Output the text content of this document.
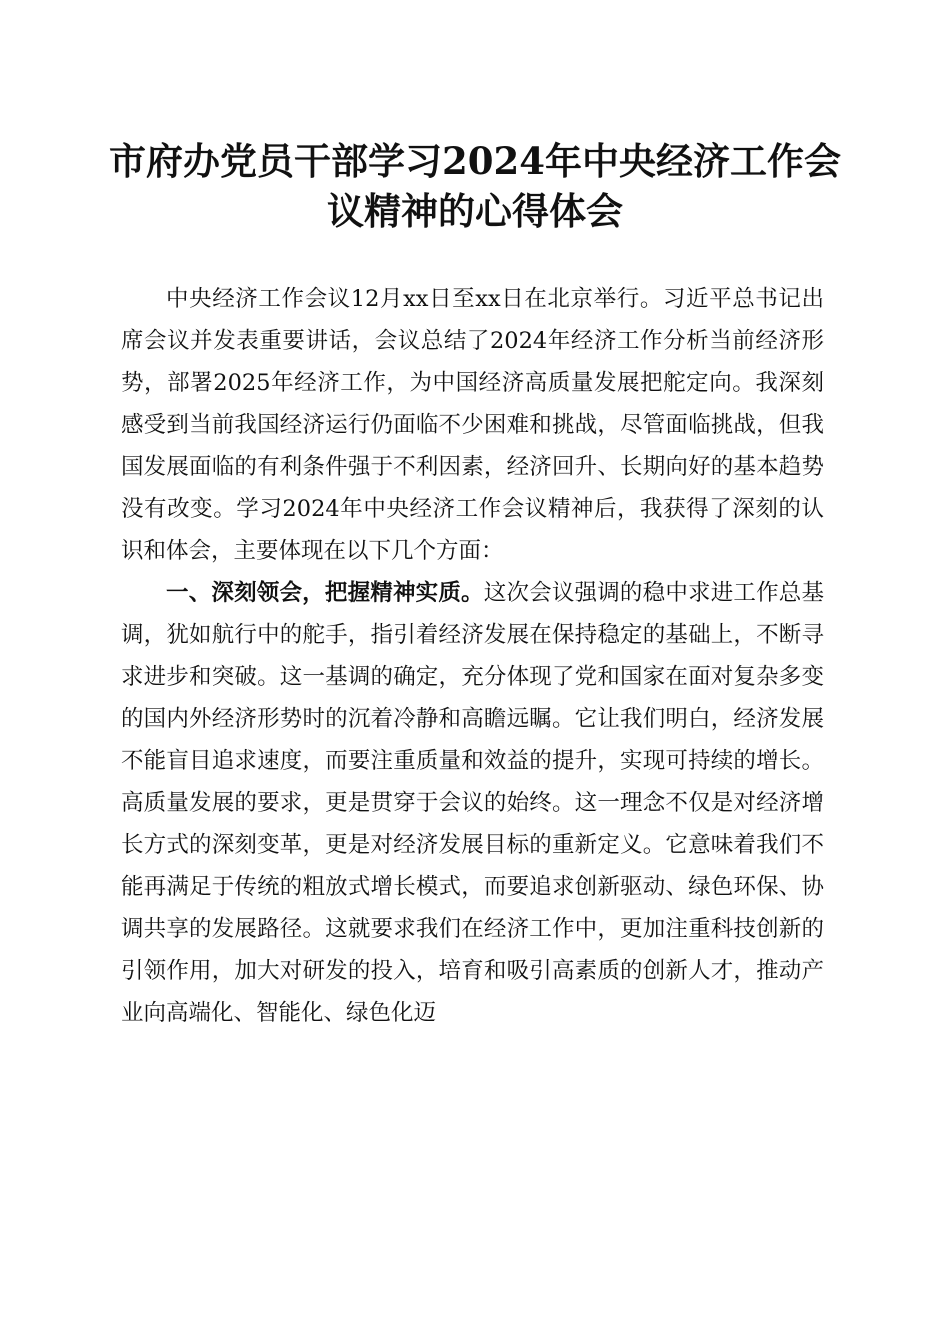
市府办党员干部学习2024年中央经济工作会议精神的心得体会

中央经济工作会议12月xx日至xx日在北京举行。习近平总书记出席会议并发表重要讲话，会议总结了2024年经济工作分析当前经济形势，部署2025年经济工作，为中国经济高质量发展把舵定向。我深刻感受到当前我国经济运行仍面临不少困难和挑战，尽管面临挑战，但我国发展面临的有利条件强于不利因素，经济回升、长期向好的基本趋势没有改变。学习2024年中央经济工作会议精神后，我获得了深刻的认识和体会，主要体现在以下几个方面：

一、深刻领会，把握精神实质。这次会议强调的稳中求进工作总基调，犹如航行中的舵手，指引着经济发展在保持稳定的基础上，不断寻求进步和突破。这一基调的确定，充分体现了党和国家在面对复杂多变的国内外经济形势时的沉着冷静和高瞻远瞩。它让我们明白，经济发展不能盲目追求速度，而要注重质量和效益的提升，实现可持续的增长。高质量发展的要求，更是贯穿于会议的始终。这一理念不仅是对经济增长方式的深刻变革，更是对经济发展目标的重新定义。它意味着我们不能再满足于传统的粗放式增长模式，而要追求创新驱动、绿色环保、协调共享的发展路径。这就要求我们在经济工作中，更加注重科技创新的引领作用，加大对研发的投入，培育和吸引高素质的创新人才，推动产业向高端化、智能化、绿色化迈
